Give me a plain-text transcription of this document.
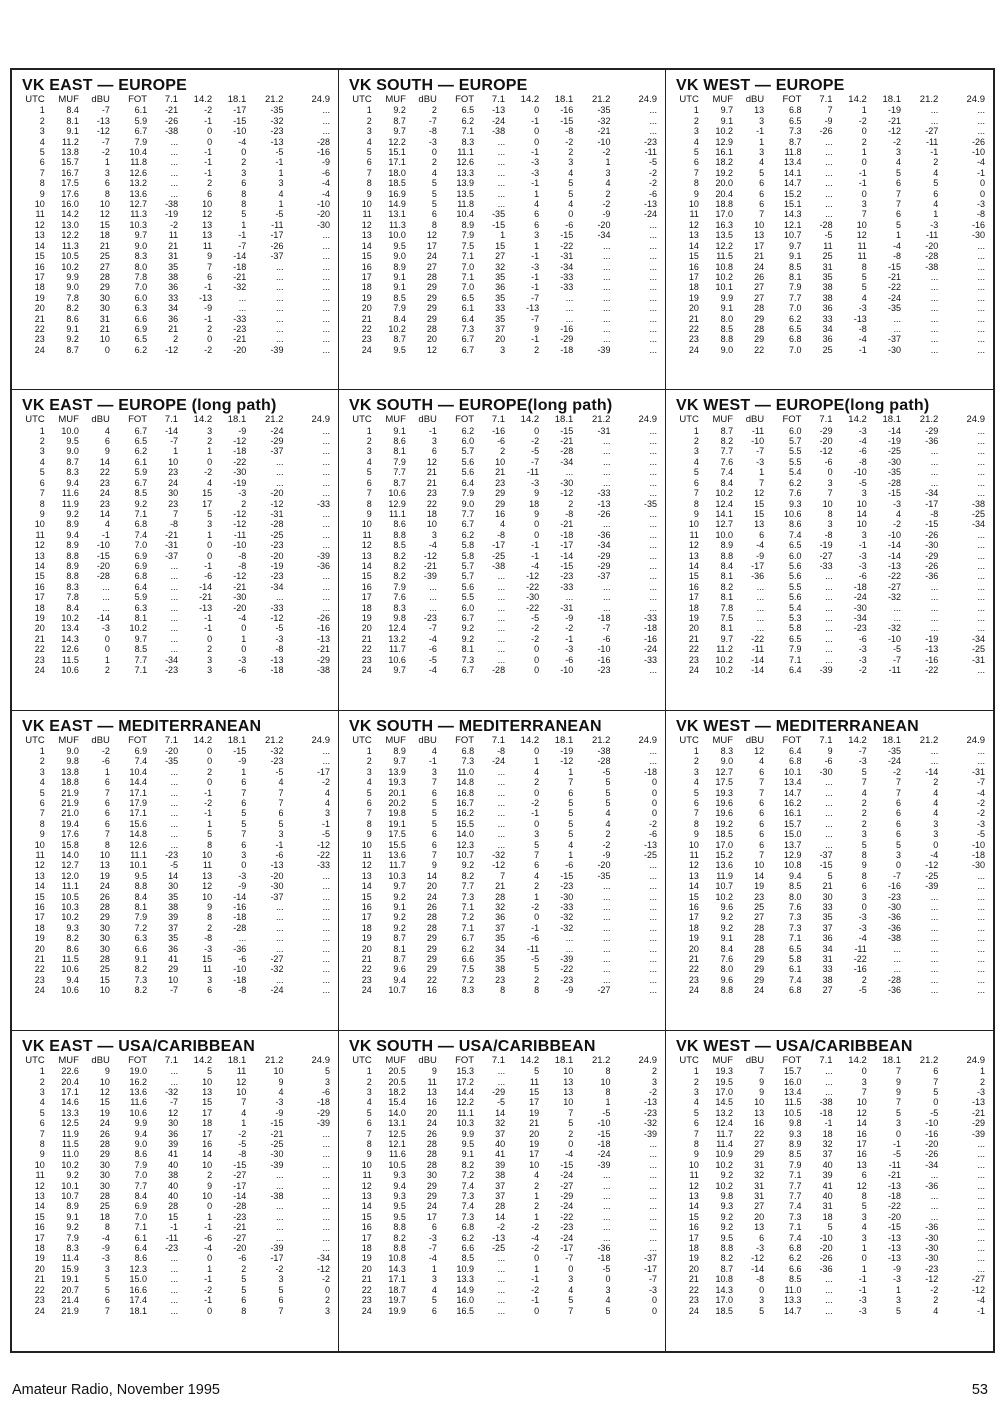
VK EAST — EUROPE
UTC	MUF	dBU	FOT	7.1	14.2	18.1	21.2	24.9
1	8.4	-7	6.1	-21	-2	-17	-35	...
2	8.1	-13	5.9	-26	-1	-15	-32	...
3	9.1	-12	6.7	-38	0	-10	-23	...
4	11.2	-7	7.9	...	0	-4	-13	-28
5	13.8	-2	10.4	...	-1	0	-5	-16
6	15.7	1	11.8	...	-1	2	-1	-9
7	16.7	3	12.6	...	-1	3	1	-6
8	17.5	6	13.2	...	2	6	3	-4
9	17.6	8	13.6	...	6	8	4	-4
10	16.0	10	12.7	-38	10	8	1	-10
11	14.2	12	11.3	-19	12	5	-5	-20
12	13.0	15	10.3	-2	13	1	-11	-30
13	12.2	18	9.7	11	13	-1	-17	...
14	11.3	21	9.0	21	11	-7	-26	...
15	10.5	25	8.3	31	9	-14	-37	...
16	10.2	27	8.0	35	7	-18	...	...
17	9.9	28	7.8	38	6	-21	...	...
18	9.0	29	7.0	36	-1	-32	...	...
19	7.8	30	6.0	33	-13	...	...	...
20	8.2	30	6.3	34	-9	...	...	...
21	8.6	31	6.6	36	-1	-33	...	...
22	9.1	21	6.9	21	2	-23	...	...
23	9.2	10	6.5	2	0	-21	...	...
24	8.7	0	6.2	-12	-2	-20	-39	...
VK SOUTH — EUROPE
UTC	MUF	dBU	FOT	7.1	14.2	18.1	21.2	24.9
1	9.2	2	6.5	-13	0	-16	-35	...
2	8.7	-7	6.2	-24	-1	-15	-32	...
3	9.7	-8	7.1	-38	0	-8	-21	...
4	12.2	-3	8.3	...	0	-2	-10	-23
5	15.1	0	11.1	...	-1	2	-2	-11
6	17.1	2	12.6	...	-3	3	1	-5
7	18.0	4	13.3	...	-3	4	3	-2
8	18.5	5	13.9	...	-1	5	4	-2
9	16.9	5	13.5	...	1	5	2	-6
10	14.9	5	11.8	...	4	4	-2	-13
11	13.1	6	10.4	-35	6	0	-9	-24
12	11.3	8	8.9	-15	6	-6	-20	...
13	10.0	12	7.9	1	3	-15	-34	...
14	9.5	17	7.5	15	1	-22	...	...
15	9.0	24	7.1	27	-1	-31	...	...
16	8.9	27	7.0	32	-3	-34	...	...
17	9.1	28	7.1	35	-1	-33	...	...
18	9.1	29	7.0	36	-1	-33	...	...
19	8.5	29	6.5	35	-7	...	...	...
20	7.9	29	6.1	33	-13	...	...	...
21	8.4	29	6.4	35	-7	...	...	...
22	10.2	28	7.3	37	9	-16	...	...
23	8.7	20	6.7	20	-1	-29	...	...
24	9.5	12	6.7	3	2	-18	-39	...
VK WEST — EUROPE
UTC	MUF	dBU	FOT	7.1	14.2	18.1	21.2	24.9
1	9.7	13	6.8	7	1	-19	...	...
2	9.1	3	6.5	-9	-2	-21	...	...
3	10.2	-1	7.3	-26	0	-12	-27	...
4	12.9	1	8.7	...	2	-2	-11	-26
5	16.1	3	11.8	...	1	3	-1	-10
6	18.2	4	13.4	...	0	4	2	-4
7	19.2	5	14.1	...	-1	5	4	-1
8	20.0	6	14.7	...	-1	6	5	0
9	20.4	6	15.2	...	0	7	6	0
10	18.8	6	15.1	...	3	7	4	-3
11	17.0	7	14.3	...	7	6	1	-8
12	16.3	10	12.1	-28	10	5	-3	-16
13	13.5	13	10.7	-5	12	1	-11	-30
14	12.2	17	9.7	11	11	-4	-20	...
15	11.5	21	9.1	25	11	-8	-28	...
16	10.8	24	8.5	31	8	-15	-38	...
17	10.2	26	8.1	35	5	-21	...	...
18	10.1	27	7.9	38	5	-22	...	...
19	9.9	27	7.7	38	4	-24	...	...
20	9.1	28	7.0	36	-3	-35	...	...
21	8.0	29	6.2	33	-13	...	...	...
22	8.5	28	6.5	34	-8	...	...	...
23	8.8	29	6.8	36	-4	-37	...	...
24	9.0	22	7.0	25	-1	-30	...	...
VK EAST — EUROPE (long path)
UTC	MUF	dBU	FOT	7.1	14.2	18.1	21.2	24.9
1	10.0	4	6.7	-14	3	-9	-24	...
2	9.5	6	6.5	-7	2	-12	-29	...
3	9.0	9	6.2	1	1	-18	-37	...
4	8.7	14	6.1	10	0	-22	...	...
5	8.3	22	5.9	23	-2	-30	...	...
6	9.4	23	6.7	24	4	-19	...	...
7	11.6	24	8.5	30	15	-3	-20	...
8	11.9	23	9.2	23	17	2	-12	-33
9	9.2	14	7.1	7	5	-12	-31	...
10	8.9	4	6.8	-8	3	-12	-28	...
11	9.4	-1	7.4	-21	1	-11	-25	...
12	8.9	-10	7.0	-31	0	-10	-23	...
13	8.8	-15	6.9	-37	0	-8	-20	-39
14	8.9	-20	6.9	...	-1	-8	-19	-36
15	8.8	-28	6.8	...	-6	-12	-23	...
16	8.3	...	6.4	...	-14	-21	-34	...
17	7.8	...	5.9	...	-21	-30	...	...
18	8.4	...	6.3	...	-13	-20	-33	...
19	10.2	-14	8.1	...	-1	-4	-12	-26
20	13.4	-3	10.2	...	-1	0	-5	-16
21	14.3	0	9.7	...	0	1	-3	-13
22	12.6	0	8.5	...	2	0	-8	-21
23	11.5	1	7.7	-34	3	-3	-13	-29
24	10.6	2	7.1	-23	3	-6	-18	-38
VK SOUTH — EUROPE(long path)
UTC	MUF	dBU	FOT	7.1	14.2	18.1	21.2	24.9
1	9.1	-1	6.2	-16	0	-15	-31	...
2	8.6	3	6.0	-6	-2	-21	...	...
3	8.1	6	5.7	2	-5	-28	...	...
4	7.9	12	5.6	10	-7	-34	...	...
5	7.7	21	5.6	21	-11	...	...	...
6	8.7	21	6.4	23	-3	-30	...	...
7	10.6	23	7.9	29	9	-12	-33	...
8	12.9	22	9.0	29	18	2	-13	-35
9	11.1	18	7.7	16	9	-8	-26	...
10	8.6	10	6.7	4	0	-21	...	...
11	8.8	3	6.2	-8	0	-18	-36	...
12	8.5	-4	5.8	-17	-1	-17	-34	...
13	8.2	-12	5.8	-25	-1	-14	-29	...
14	8.2	-21	5.7	-38	-4	-15	-29	...
15	8.2	-39	5.7	...	-12	-23	-37	...
16	7.9	...	5.6	...	-22	-33	...	...
17	7.6	...	5.5	...	-30	...	...	...
18	8.3	...	6.0	...	-22	-31	...	...
19	9.8	-23	6.7	...	-5	-9	-18	-33
20	12.4	-7	9.2	...	-2	-2	-7	-18
21	13.2	-4	9.2	...	-2	-1	-6	-16
22	11.7	-6	8.1	...	0	-3	-10	-24
23	10.6	-5	7.3	...	0	-6	-16	-33
24	9.7	-4	6.7	-28	0	-10	-23	...
VK WEST — EUROPE(long path)
UTC	MUF	dBU	FOT	7.1	14.2	18.1	21.2	24.9
1	8.7	-11	6.0	-29	-3	-14	-29	...
2	8.2	-10	5.7	-20	-4	-19	-36	...
3	7.7	-7	5.5	-12	-6	-25	...	...
4	7.6	-3	5.5	-6	-8	-30	...	...
5	7.4	1	5.4	0	-10	-35	...	...
6	8.4	7	6.2	3	-5	-28	...	...
7	10.2	12	7.6	7	3	-15	-34	...
8	12.4	15	9.3	10	10	-3	-17	-38
9	14.1	15	10.6	8	14	4	-8	-25
10	12.7	13	8.6	3	10	-2	-15	-34
11	10.0	6	7.4	-8	3	-10	-26	...
12	8.9	-4	6.5	-19	-1	-14	-30	...
13	8.8	-9	6.0	-27	-3	-14	-29	...
14	8.4	-17	5.6	-33	-3	-13	-26	...
15	8.1	-36	5.6	...	-6	-22	-36	...
16	8.2	...	5.5	...	-18	-27	...	...
17	8.1	...	5.6	...	-24	-32	...	...
18	7.8	...	5.4	...	-30	...	...	...
19	7.5	...	5.3	...	-34	...	...	...
20	8.1	...	5.8	...	-23	-32	...	...
21	9.7	-22	6.5	...	-6	-10	-19	-34
22	11.2	-11	7.9	...	-3	-5	-13	-25
23	10.2	-14	7.1	...	-3	-7	-16	-31
24	10.2	-14	6.4	-39	-2	-11	-22	...
VK EAST — MEDITERRANEAN
UTC	MUF	dBU	FOT	7.1	14.2	18.1	21.2	24.9
1	9.0	-2	6.9	-20	0	-15	-32	...
2	9.8	-6	7.4	-35	0	-9	-23	...
3	13.8	1	10.4	...	2	1	-5	-17
4	18.8	6	14.4	...	0	6	4	-2
5	21.9	7	17.1	...	-1	7	7	4
6	21.9	6	17.9	...	-2	6	7	4
7	21.0	6	17.1	...	-1	5	6	3
8	19.4	6	15.6	...	1	5	5	-1
9	17.6	7	14.8	...	5	7	3	-5
10	15.8	8	12.6	...	8	6	-1	-12
11	14.0	10	11.1	-23	10	3	-6	-22
12	12.7	13	10.1	-5	11	0	-13	-33
13	12.0	19	9.5	14	13	-3	-20	...
14	11.1	24	8.8	30	12	-9	-30	...
15	10.5	26	8.4	35	10	-14	-37	...
16	10.3	28	8.1	38	9	-16	...	...
17	10.2	29	7.9	39	8	-18	...	...
18	9.3	30	7.2	37	2	-28	...	...
19	8.2	30	6.3	35	-8	...	...	...
20	8.6	30	6.6	36	-3	-36	...	...
21	11.5	28	9.1	41	15	-6	-27	...
22	10.6	25	8.2	29	11	-10	-32	...
23	9.4	15	7.3	10	3	-18	...	...
24	10.6	10	8.2	-7	6	-8	-24	...
VK SOUTH — MEDITERRANEAN
UTC	MUF	dBU	FOT	7.1	14.2	18.1	21.2	24.9
1	8.9	4	6.8	-8	0	-19	-38	...
2	9.7	-1	7.3	-24	1	-12	-28	...
3	13.9	3	11.0	...	4	1	-5	-18
4	19.3	7	14.8	...	2	7	5	0
5	20.1	6	16.8	...	0	6	5	0
6	20.2	5	16.7	...	-2	5	5	0
7	19.8	5	16.2	...	-1	5	4	0
8	19.1	5	15.5	...	0	5	4	-2
9	17.5	6	14.0	...	3	5	2	-6
10	15.5	6	12.3	...	5	4	-2	-13
11	13.6	7	10.7	-32	7	1	-9	-25
12	11.7	9	9.2	-12	6	-6	-20	...
13	10.3	14	8.2	7	4	-15	-35	...
14	9.7	20	7.7	21	2	-23	...	...
15	9.2	24	7.3	28	1	-30	...	...
16	9.1	26	7.1	32	-2	-33	...	...
17	9.2	28	7.2	36	0	-32	...	...
18	9.2	28	7.1	37	-1	-32	...	...
19	8.7	29	6.7	35	-6	...	...	...
20	8.1	29	6.2	34	-11	...	...	...
21	8.7	29	6.6	35	-5	-39	...	...
22	9.6	29	7.5	38	5	-22	...	...
23	9.4	22	7.2	23	2	-23	...	...
24	10.7	16	8.3	8	8	-9	-27	...
VK WEST — MEDITERRANEAN
UTC	MUF	dBU	FOT	7.1	14.2	18.1	21.2	24.9
1	8.3	12	6.4	9	-7	-35	...	...
2	9.0	4	6.8	-6	-3	-24	...	...
3	12.7	6	10.1	-30	5	-2	-14	-31
4	17.5	7	13.4	...	7	7	2	-7
5	19.3	7	14.7	...	4	7	4	-4
6	19.6	6	16.2	...	2	6	4	-2
7	19.6	6	16.1	...	2	6	4	-2
8	19.2	6	15.7	...	2	6	3	-3
9	18.5	6	15.0	...	3	6	3	-5
10	17.0	6	13.7	...	5	5	0	-10
11	15.2	7	12.9	-37	8	3	-4	-18
12	13.6	10	10.8	-15	9	0	-12	-30
13	11.9	14	9.4	5	8	-7	-25	...
14	10.7	19	8.5	21	6	-16	-39	...
15	10.2	23	8.0	30	3	-23	...	...
16	9.6	25	7.6	33	0	-30	...	...
17	9.2	27	7.3	35	-3	-36	...	...
18	9.2	28	7.3	37	-3	-36	...	...
19	9.1	28	7.1	36	-4	-38	...	...
20	8.4	28	6.5	34	-11	...	...	...
21	7.6	29	5.8	31	-22	...	...	...
22	8.0	29	6.1	33	-16	...	...	...
23	9.6	29	7.4	38	2	-28	...	...
24	8.8	24	6.8	27	-5	-36	...	...
VK EAST — USA/CARIBBEAN
UTC	MUF	dBU	FOT	7.1	14.2	18.1	21.2	24.9
1	22.6	9	19.0	...	5	11	10	5
2	20.4	10	16.2	...	10	12	9	3
3	17.1	12	13.6	-32	13	10	4	-6
4	14.6	15	11.6	-7	15	7	-3	-18
5	13.3	19	10.6	12	17	4	-9	-29
6	12.5	24	9.9	30	18	1	-15	-39
7	11.9	26	9.4	36	17	-2	-21	...
8	11.5	28	9.0	39	16	-5	-25	...
9	11.0	29	8.6	41	14	-8	-30	...
10	10.2	30	7.9	40	10	-15	-39	...
11	9.2	30	7.0	38	2	-27	...	...
12	10.1	30	7.7	40	9	-17	...	...
13	10.7	28	8.4	40	10	-14	-38	...
14	8.9	25	6.9	28	0	-28	...	...
15	9.1	18	7.0	15	1	-23	...	...
16	9.2	8	7.1	-1	-1	-21	...	...
17	7.9	-4	6.1	-11	-6	-27	...	...
18	8.3	-9	6.4	-23	-4	-20	-39	...
19	11.4	-3	8.6	...	0	-6	-17	-34
20	15.9	3	12.3	...	1	2	-2	-12
21	19.1	5	15.0	...	-1	5	3	-2
22	20.7	5	16.6	...	-2	5	5	0
23	21.4	6	17.4	...	-1	6	6	2
24	21.9	7	18.1	...	0	8	7	3
VK SOUTH — USA/CARIBBEAN
UTC	MUF	dBU	FOT	7.1	14.2	18.1	21.2	24.9
1	20.5	9	15.3	...	5	10	8	2
2	20.5	11	17.2	...	11	13	10	3
3	18.2	13	14.4	-29	15	13	8	-2
4	15.4	16	12.2	-5	17	10	1	-13
5	14.0	20	11.1	14	19	7	-5	-23
6	13.1	24	10.3	32	21	5	-10	-32
7	12.5	26	9.9	37	20	2	-15	-39
8	12.1	28	9.5	40	19	0	-18	...
9	11.6	28	9.1	41	17	-4	-24	...
10	10.5	28	8.2	39	10	-15	-39	...
11	9.3	30	7.2	38	4	-24	...	...
12	9.4	29	7.4	37	2	-27	...	...
13	9.3	29	7.3	37	1	-29	...	...
14	9.5	24	7.4	28	2	-24	...	...
15	9.5	17	7.3	14	1	-22	...	...
16	8.8	6	6.8	-2	-2	-23	...	...
17	8.2	-3	6.2	-13	-4	-24	...	...
18	8.8	-7	6.6	-25	-2	-17	-36	...
19	10.8	-4	8.5	...	0	-7	-18	-37
20	14.3	1	10.9	...	1	0	-5	-17
21	17.1	3	13.3	...	-1	3	0	-7
22	18.7	4	14.9	...	-2	4	3	-3
23	19.7	5	16.0	...	-1	5	4	0
24	19.9	6	16.5	...	0	7	5	0
VK WEST — USA/CARIBBEAN
UTC	MUF	dBU	FOT	7.1	14.2	18.1	21.2	24.9
1	19.3	7	15.7	...	0	7	6	1
2	19.5	9	16.0	...	3	9	7	2
3	17.0	9	13.4	...	7	9	5	-3
4	14.5	10	11.5	-38	10	7	0	-13
5	13.2	13	10.5	-18	12	5	-5	-21
6	12.4	16	9.8	-1	14	3	-10	-29
7	11.7	22	9.3	18	16	0	-16	-39
8	11.4	27	8.9	32	17	-1	-20	...
9	10.9	29	8.5	37	16	-5	-26	...
10	10.2	31	7.9	40	13	-11	-34	...
11	9.2	32	7.1	39	6	-21	...	...
12	10.2	31	7.7	41	12	-13	-36	...
13	9.8	31	7.7	40	8	-18	...	...
14	9.3	27	7.4	31	5	-22	...	...
15	9.2	20	7.3	18	3	-20	...	...
16	9.2	13	7.1	5	4	-15	-36	...
17	9.5	6	7.4	-10	3	-13	-30	...
18	8.8	-3	6.8	-20	1	-13	-30	...
19	8.2	-12	6.2	-26	0	-13	-30	...
20	8.7	-14	6.6	-36	1	-9	-23	...
21	10.8	-8	8.5	...	-1	-3	-12	-27
22	14.3	0	11.0	...	-1	1	-2	-12
23	17.0	3	13.3	...	-3	3	2	-4
24	18.5	5	14.7	...	-3	5	4	-1
Amateur Radio, November 1995	53
